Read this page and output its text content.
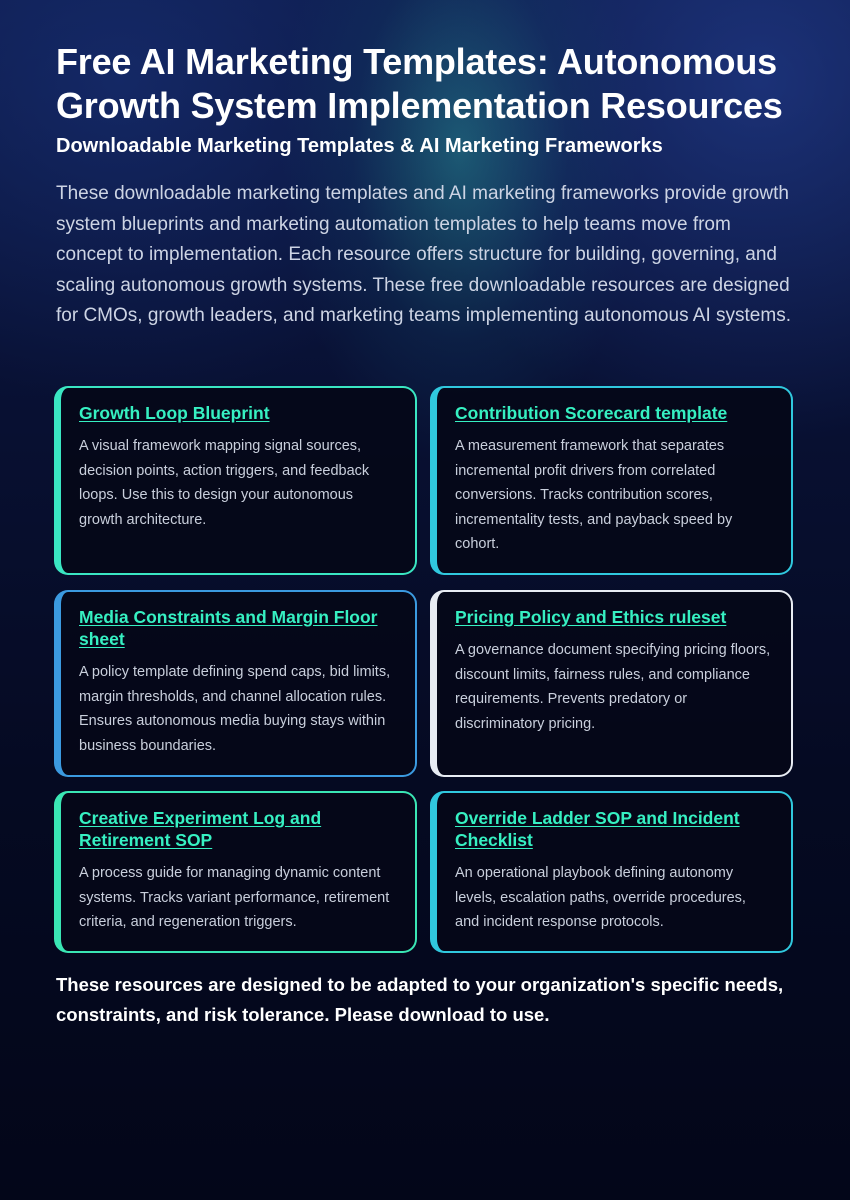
Free AI Marketing Templates: Autonomous Growth System Implementation Resources
Downloadable Marketing Templates & AI Marketing Frameworks

These downloadable marketing templates and AI marketing frameworks provide growth system blueprints and marketing automation templates to help teams move from concept to implementation. Each resource offers structure for building, governing, and scaling autonomous growth systems. These free downloadable resources are designed for CMOs, growth leaders, and marketing teams implementing autonomous AI systems.

Growth Loop Blueprint
A visual framework mapping signal sources, decision points, action triggers, and feedback loops. Use this to design your autonomous growth architecture.
Contribution Scorecard template
A measurement framework that separates incremental profit drivers from correlated conversions. Tracks contribution scores, incrementality tests, and payback speed by cohort.
Media Constraints and Margin Floor sheet
A policy template defining spend caps, bid limits, margin thresholds, and channel allocation rules. Ensures autonomous media buying stays within business boundaries.
Pricing Policy and Ethics ruleset
A governance document specifying pricing floors, discount limits, fairness rules, and compliance requirements. Prevents predatory or discriminatory pricing.
Creative Experiment Log and Retirement SOP
A process guide for managing dynamic content systems. Tracks variant performance, retirement criteria, and regeneration triggers.
Override Ladder SOP and Incident Checklist
An operational playbook defining autonomy levels, escalation paths, override procedures, and incident response protocols.

These resources are designed to be adapted to your organization's specific needs, constraints, and risk tolerance. Please download to use.
